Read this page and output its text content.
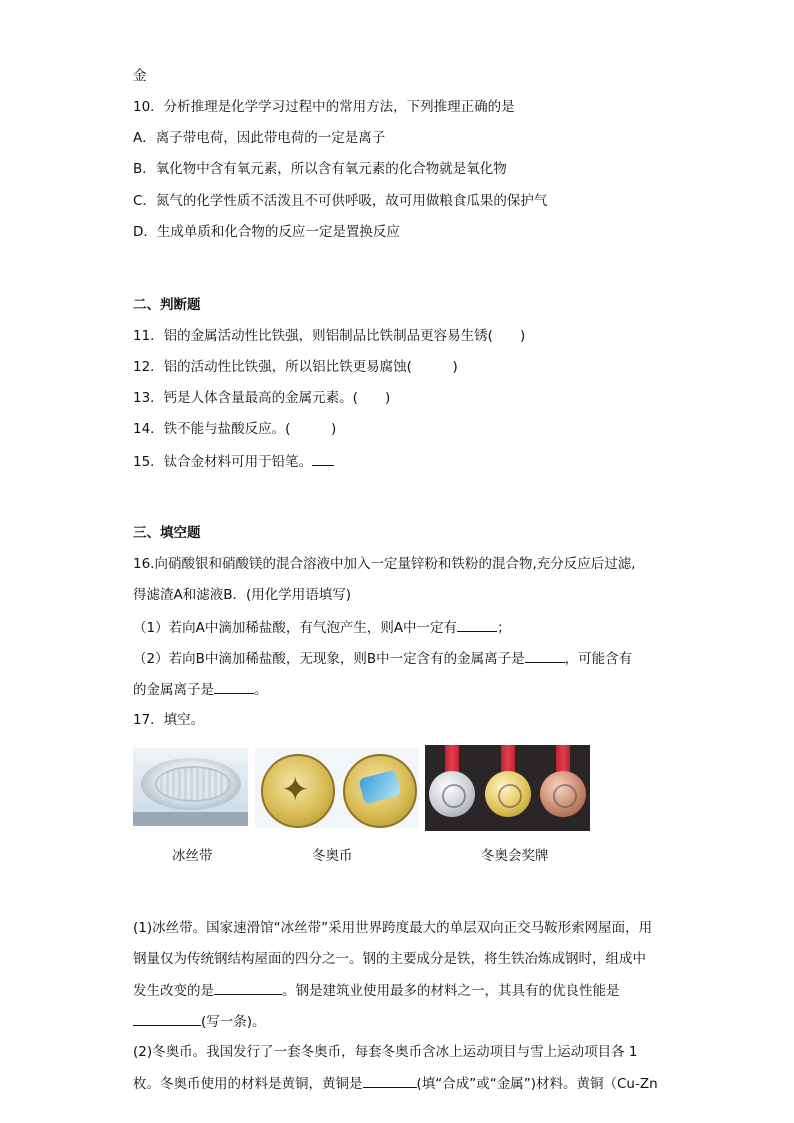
金
10．分析推理是化学学习过程中的常用方法，下列推理正确的是
A．离子带电荷，因此带电荷的一定是离子
B．氧化物中含有氧元素，所以含有氧元素的化合物就是氧化物
C．氮气的化学性质不活泼且不可供呼吸，故可用做粮食瓜果的保护气
D．生成单质和化合物的反应一定是置换反应
二、判断题
11．铝的金属活动性比铁强，则铝制品比铁制品更容易生锈(　　)
12．铝的活动性比铁强，所以铝比铁更易腐蚀(　　　)
13．钙是人体含量最高的金属元素。(　　)
14．铁不能与盐酸反应。(　　　)
15．钛合金材料可用于铅笔。
三、填空题
16.向硝酸银和硝酸镁的混合溶液中加入一定量锌粉和铁粉的混合物,充分反应后过滤,
得滤渣A和滤液B．(用化学用语填写)
（1）若向A中滴加稀盐酸，有气泡产生，则A中一定有	；
（2）若向B中滴加稀盐酸，无现象，则B中一定含有的金属离子是	，可能含有
的金属离子是	。
17．填空。
✦
冰丝带	冬奥币	冬奥会奖牌
(1)冰丝带。国家速滑馆“冰丝带”采用世界跨度最大的单层双向正交马鞍形索网屋面，用
钢量仅为传统钢结构屋面的四分之一。钢的主要成分是铁，将生铁冶炼成钢时，组成中
发生改变的是	。钢是建筑业使用最多的材料之一，其具有的优良性能是
(写一条)。
(2)冬奥币。我国发行了一套冬奥币，每套冬奥币含冰上运动项目与雪上运动项目各 1
枚。冬奥币使用的材料是黄铜，黄铜是	(填“合成”或“金属”)材料。黄铜（Cu-Zn
